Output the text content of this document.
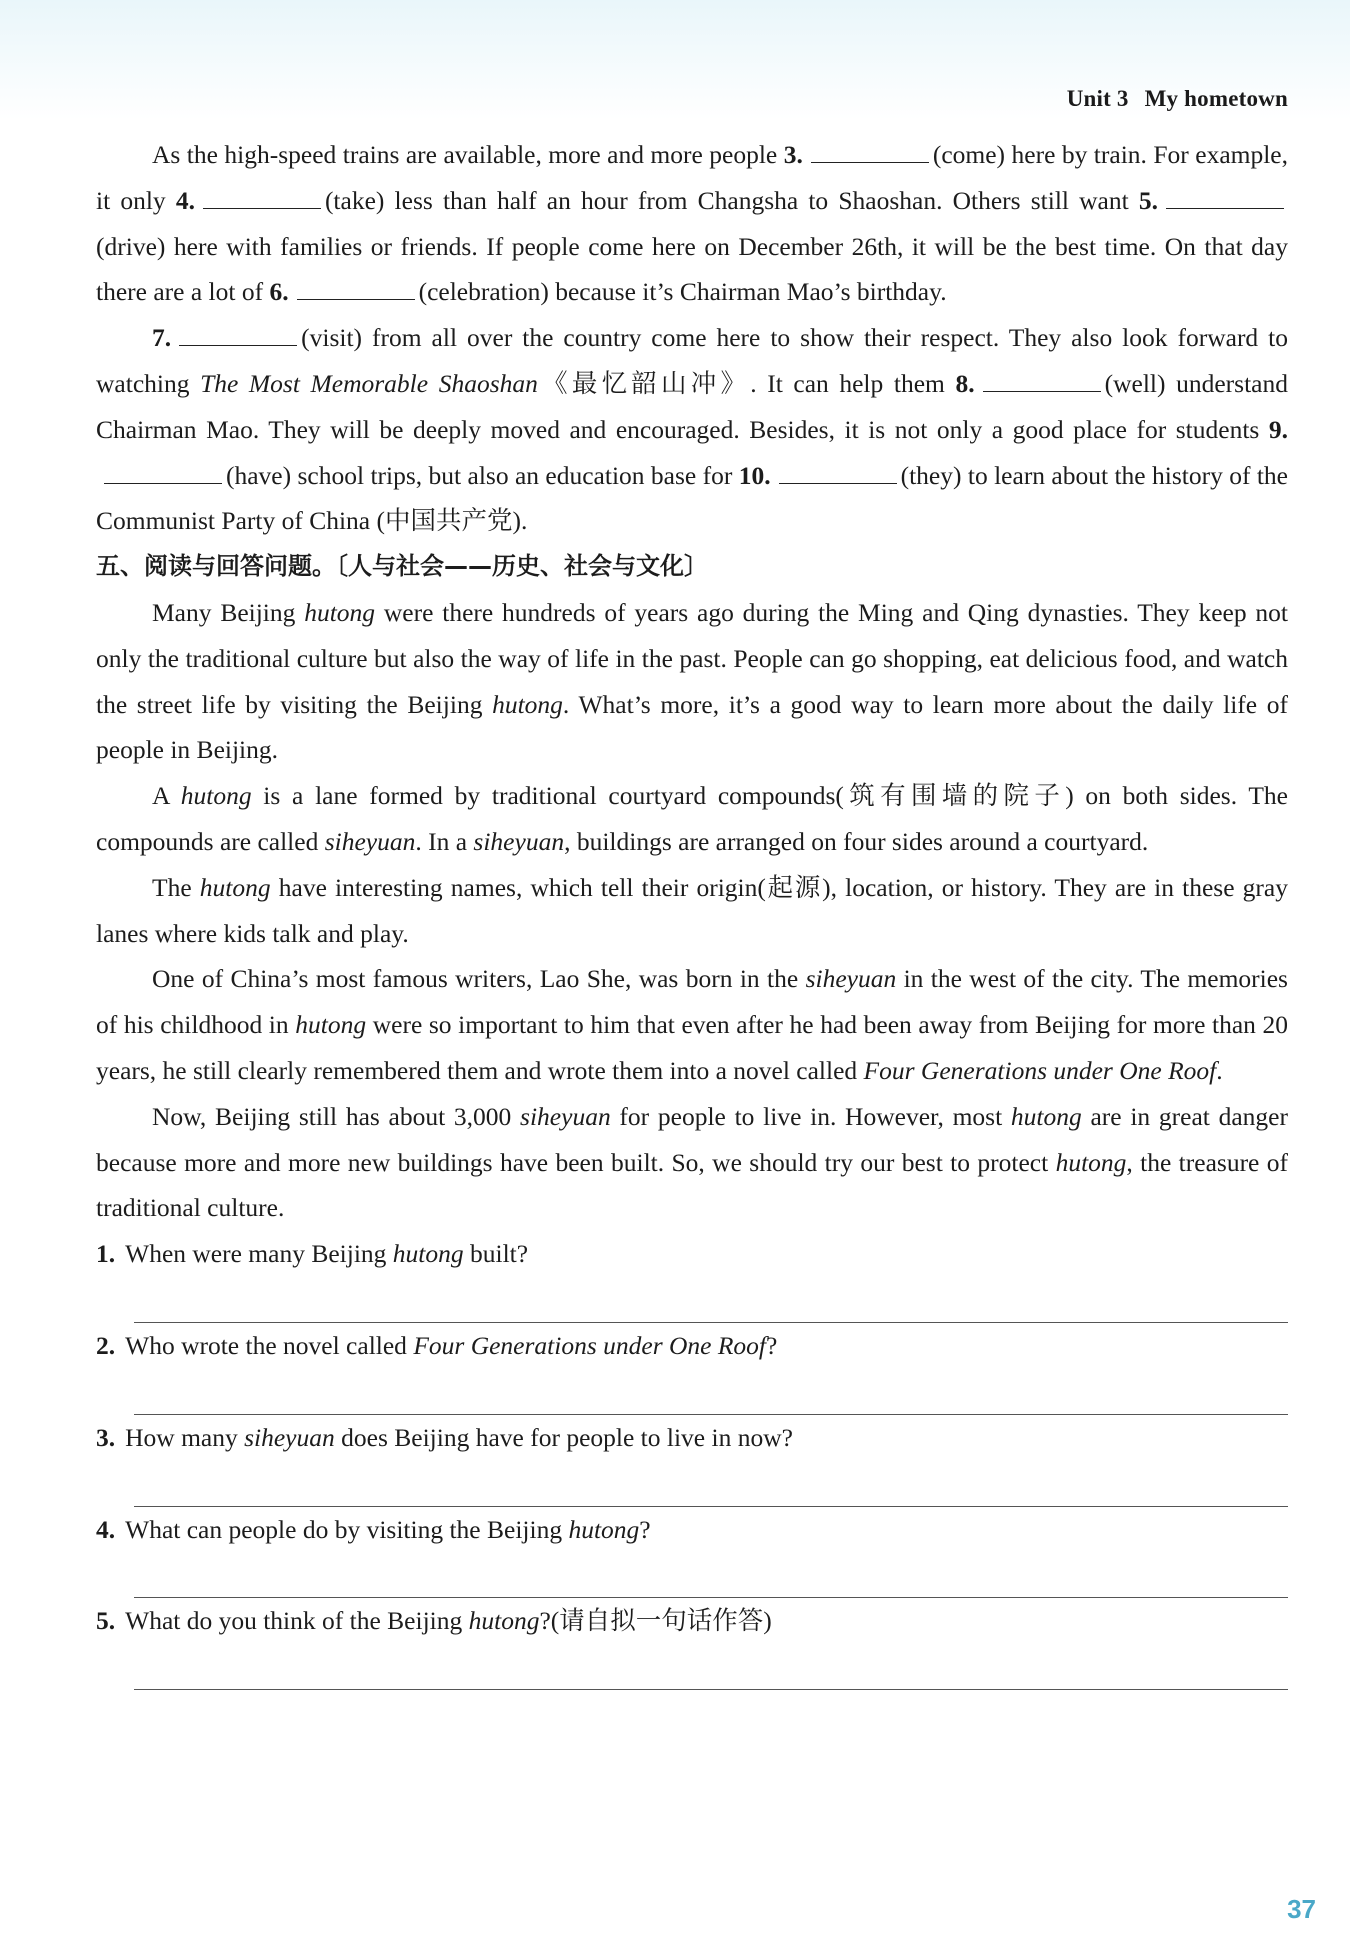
Unit 3 My hometown

As the high-speed trains are available, more and more people 3.	(come) here by train. For example, it only 4.	(take) less than half an hour from Changsha to Shaoshan. Others still want 5.(drive) here with families or friends. If people come here on December 26th, it will be the best time. On that day there are a lot of 6.	(celebration) because it’s Chairman Mao’s birthday.

7.	(visit) from all over the country come here to show their respect. They also look forward to watching The Most Memorable Shaoshan《最忆韶山冲》. It can help them 8.	(well) understand Chairman Mao. They will be deeply moved and encouraged. Besides, it is not only a good place for students 9.(have) school trips, but also an education base for 10.	(they) to learn about the history of the Communist Party of China (中国共产党).

五、阅读与回答问题。〔人与社会——历史、社会与文化〕

Many Beijing hutong were there hundreds of years ago during the Ming and Qing dynasties. They keep not only the traditional culture but also the way of life in the past. People can go shopping, eat delicious food, and watch the street life by visiting the Beijing hutong. What’s more, it’s a good way to learn more about the daily life of people in Beijing.

A hutong is a lane formed by traditional courtyard compounds(筑有围墙的院子) on both sides. The compounds are called siheyuan. In a siheyuan, buildings are arranged on four sides around a courtyard.

The hutong have interesting names, which tell their origin(起源), location, or history. They are in these gray lanes where kids talk and play.

One of China’s most famous writers, Lao She, was born in the siheyuan in the west of the city. The memories of his childhood in hutong were so important to him that even after he had been away from Beijing for more than 20 years, he still clearly remembered them and wrote them into a novel called Four Generations under One Roof.

Now, Beijing still has about 3,000 siheyuan for people to live in. However, most hutong are in great danger because more and more new buildings have been built. So, we should try our best to protect hutong, the treasure of traditional culture.

1. When were many Beijing hutong built?

2. Who wrote the novel called Four Generations under One Roof?

3. How many siheyuan does Beijing have for people to live in now?

4. What can people do by visiting the Beijing hutong?

5. What do you think of the Beijing hutong?(请自拟一句话作答)

37
